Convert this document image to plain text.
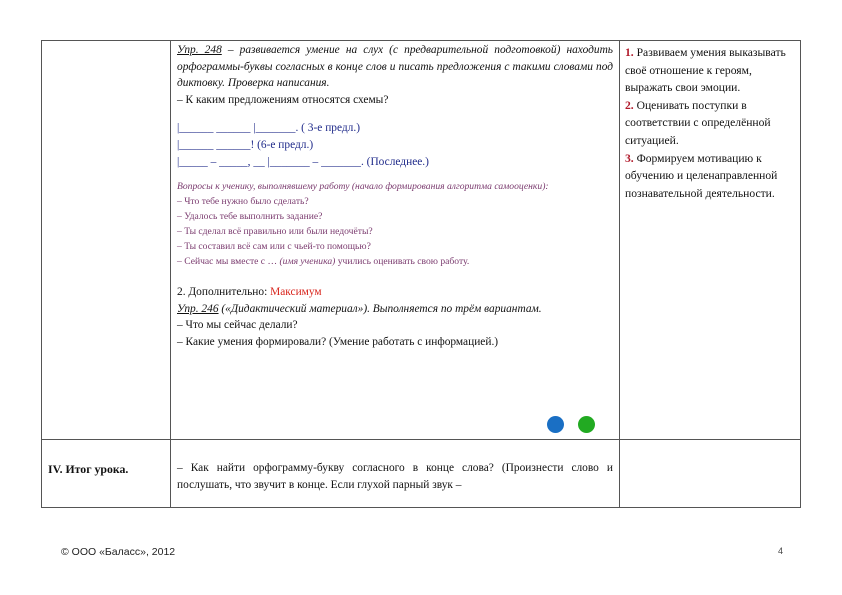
Упр. 248 – развивается умение на слух (с предварительной подготовкой) находить орфограммы-буквы согласных в конце слов и писать предложения с такими словами под диктовку. Проверка написания.
– К каким предложениям относятся схемы?
|______ ______ |_______. ( 3-е предл.)
|______ ______! (6-е предл.)
|_____ – _____, __ |_______ – _______. (Последнее.)
Вопросы к ученику, выполнявшему работу (начало формирования алгоритма самооценки):
– Что тебе нужно было сделать?
– Удалось тебе выполнить задание?
– Ты сделал всё правильно или были недочёты?
– Ты составил всё сам или с чьей-то помощью?
– Сейчас мы вместе с … (имя ученика) учились оценивать свою работу.
2. Дополнительно: Максимум
Упр. 246 («Дидактический материал»). Выполняется по трём вариантам.
– Что мы сейчас делали?
– Какие умения формировали? (Умение работать с информацией.)
1. Развиваем умения выказывать своё отношение к героям, выражать свои эмоции.
2. Оценивать поступки в соответствии с определённой ситуацией.
3. Формируем мотивацию к обучению и целенаправленной познавательной деятельности.
IV. Итог урока.	– Как найти орфограмму-букву согласного в конце слова? (Произнести слово и послушать, что звучит в конце. Если глухой парный звук –
© ООО «Баласс», 2012	4
